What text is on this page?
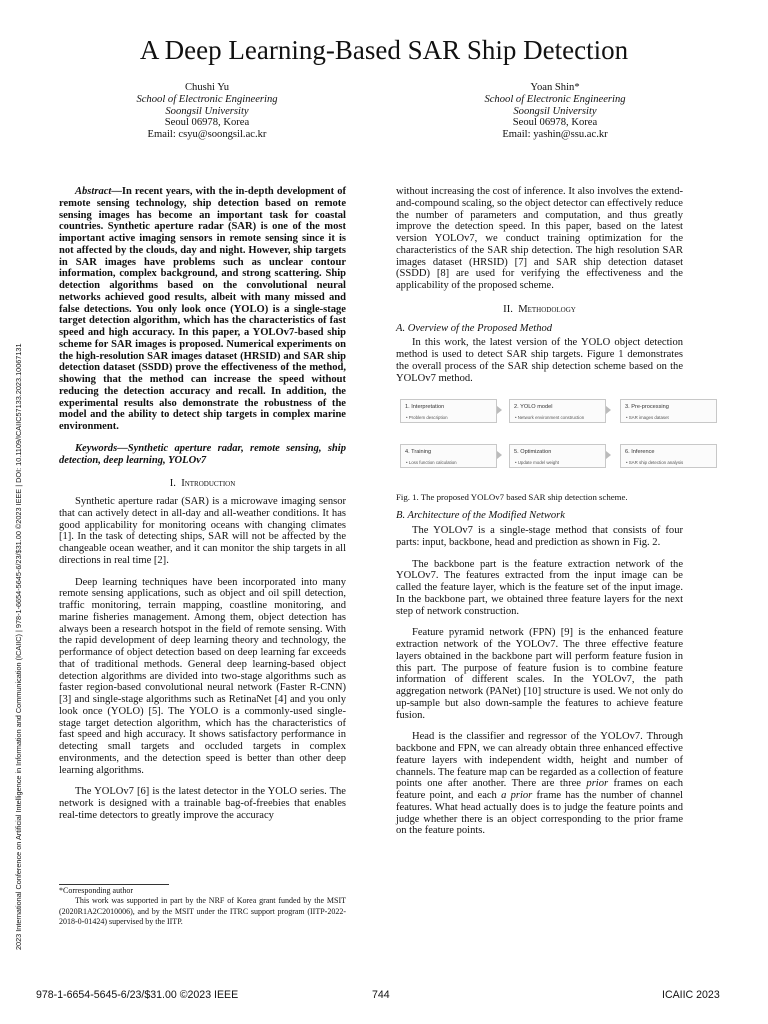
A Deep Learning-Based SAR Ship Detection
Chushi Yu
School of Electronic Engineering
Soongsil University
Seoul 06978, Korea
Email: csyu@soongsil.ac.kr
Yoan Shin*
School of Electronic Engineering
Soongsil University
Seoul 06978, Korea
Email: yashin@ssu.ac.kr
2023 International Conference on Artificial Intelligence in Information and Communication (ICAIIC) | 978-1-6654-5645-6/23/$31.00 ©2023 IEEE | DOI: 10.1109/ICAIIC57133.2023.10067131

Abstract—In recent years, with the in-depth development of remote sensing technology, ship detection based on remote sensing images has become an important task for coastal countries. Synthetic aperture radar (SAR) is one of the most important active imaging sensors in remote sensing since it is not affected by the clouds, day and night. However, ship targets in SAR images have problems such as unclear contour information, complex background, and strong scattering. Ship detection algorithms based on the convolutional neural networks achieved good results, albeit with many missed and false detections. You only look once (YOLO) is a single-stage target detection algorithm, which has the characteristics of fast speed and high accuracy. In this paper, a YOLOv7-based ship scheme for SAR images is proposed. Numerical experiments on the high-resolution SAR images dataset (HRSID) and SAR ship detection dataset (SSDD) prove the effectiveness of the method, showing that the method can increase the speed without reducing the detection accuracy and recall. In addition, the experimental results also demonstrate the robustness of the model and the ability to detect ship targets in complex marine environment.

Keywords—Synthetic aperture radar, remote sensing, ship detection, deep learning, YOLOv7

I. Introduction

Synthetic aperture radar (SAR) is a microwave imaging sensor that can actively detect in all-day and all-weather conditions. It has good applicability for monitoring oceans with changing climates [1]. In the task of detecting ships, SAR will not be affected by the changeable ocean weather, and it can monitor the ship targets in all directions in real time [2].

Deep learning techniques have been incorporated into many remote sensing applications, such as object and oil spill detection, traffic monitoring, terrain mapping, coastline monitoring, and marine fisheries management. Among them, object detection has always been a research hotspot in the field of remote sensing. With the rapid development of deep learning theory and technology, the performance of object detection based on deep learning far exceeds that of traditional methods. General deep learning-based object detection algorithms are divided into two-stage algorithms such as faster region-based convolutional neural network (Faster R-CNN) [3] and single-stage algorithms such as RetinaNet [4] and you only look once (YOLO) [5]. The YOLO is a commonly-used single-stage target detection algorithm, which has the characteristics of fast speed and high accuracy. It shows satisfactory performance in detecting small targets and occluded targets in complex environments, and the detection speed is better than other deep learning algorithms.

The YOLOv7 [6] is the latest detector in the YOLO series. The network is designed with a trainable bag-of-freebies that enables real-time detectors to greatly improve the accuracy

*Corresponding author

This work was supported in part by the NRF of Korea grant funded by the MSIT (2020R1A2C2010006), and by the MSIT under the ITRC support program (IITP-2022-2018-0-01424) supervised by the IITP.

without increasing the cost of inference. It also involves the extend-and-compound scaling, so the object detector can effectively reduce the number of parameters and computation, and thus greatly improve the detection speed. In this paper, based on the latest version YOLOv7, we conduct training optimization for the characteristics of the SAR ship detection. The high resolution SAR images dataset (HRSID) [7] and SAR ship detection dataset (SSDD) [8] are used for verifying the effectiveness and the applicability of the proposed scheme.

II. Methodology
A. Overview of the Proposed Method

In this work, the latest version of the YOLO object detection method is used to detect SAR ship targets. Figure 1 demonstrates the overall process of the SAR ship detection scheme based on the YOLOv7 method.

1. Interpretation
• Problem description
2. YOLO model
• Network environment construction
3. Pre-processing
• SAR images dataset
4. Training
• Loss function calculation
5. Optimization
• Update model weight
6. Inference
• SAR ship detection analysis
Fig. 1. The proposed YOLOv7 based SAR ship detection scheme.
B. Architecture of the Modified Network

The YOLOv7 is a single-stage method that consists of four parts: input, backbone, head and prediction as shown in Fig. 2.

The backbone part is the feature extraction network of the YOLOv7. The features extracted from the input image can be called the feature layer, which is the feature set of the input image. In the backbone part, we obtained three feature layers for the next step of network construction.

Feature pyramid network (FPN) [9] is the enhanced feature extraction network of the YOLOv7. The three effective feature layers obtained in the backbone part will perform feature fusion in this part. The purpose of feature fusion is to combine feature information of different scales. In the YOLOv7, the path aggregation network (PANet) [10] structure is used. We not only do up-sample but also down-sample the features to achieve feature fusion.

Head is the classifier and regressor of the YOLOv7. Through backbone and FPN, we can already obtain three enhanced effective feature layers with independent width, height and number of channels. The feature map can be regarded as a collection of feature points one after another. There are three prior frames on each feature point, and each a prior frame has the number of channel features. What head actually does is to judge the feature points and judge whether there is an object corresponding to the prior frame on the feature points.

978-1-6654-5645-6/23/$31.00 ©2023 IEEE	744	ICAIIC 2023
